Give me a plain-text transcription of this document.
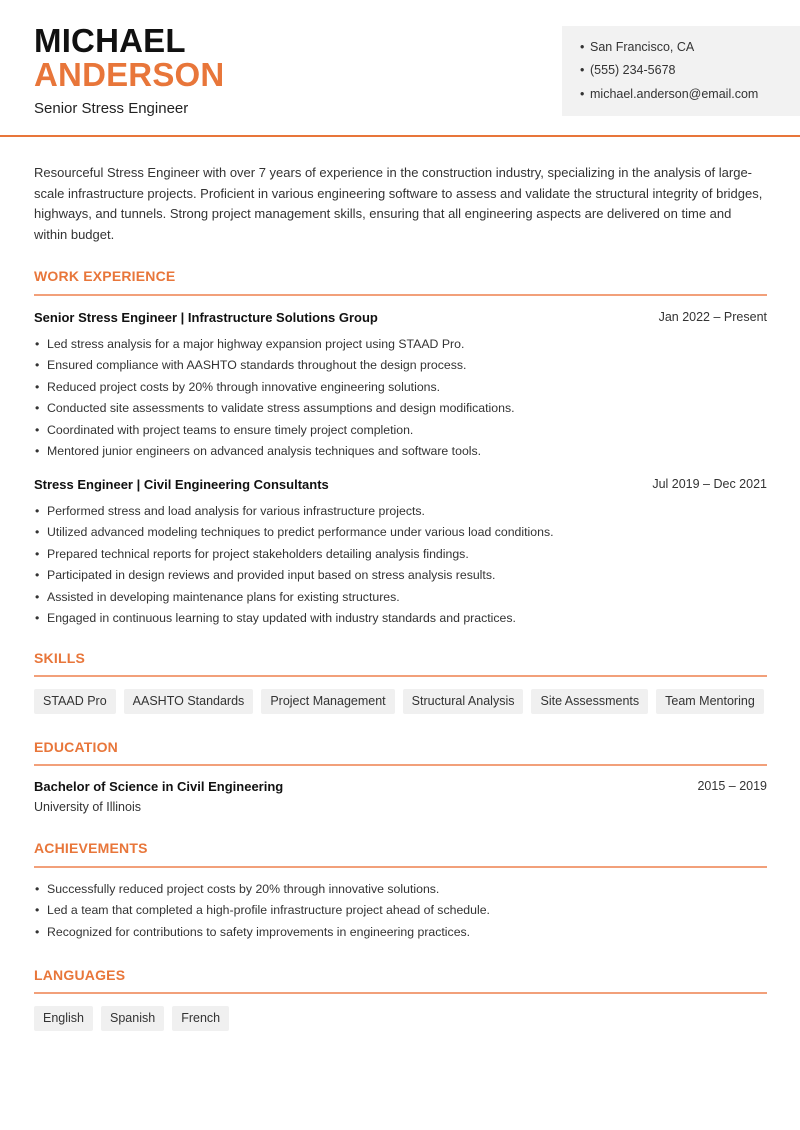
MICHAEL
ANDERSON
Senior Stress Engineer
• San Francisco, CA
• (555) 234-5678
• michael.anderson@email.com

Resourceful Stress Engineer with over 7 years of experience in the construction industry, specializing in the analysis of large-scale infrastructure projects. Proficient in various engineering software to assess and validate the structural integrity of bridges, highways, and tunnels. Strong project management skills, ensuring that all engineering aspects are delivered on time and within budget.

WORK EXPERIENCE
Senior Stress Engineer | Infrastructure Solutions Group	Jan 2022 – Present
• Led stress analysis for a major highway expansion project using STAAD Pro.
• Ensured compliance with AASHTO standards throughout the design process.
• Reduced project costs by 20% through innovative engineering solutions.
• Conducted site assessments to validate stress assumptions and design modifications.
• Coordinated with project teams to ensure timely project completion.
• Mentored junior engineers on advanced analysis techniques and software tools.
Stress Engineer | Civil Engineering Consultants	Jul 2019 – Dec 2021
• Performed stress and load analysis for various infrastructure projects.
• Utilized advanced modeling techniques to predict performance under various load conditions.
• Prepared technical reports for project stakeholders detailing analysis findings.
• Participated in design reviews and provided input based on stress analysis results.
• Assisted in developing maintenance plans for existing structures.
• Engaged in continuous learning to stay updated with industry standards and practices.
SKILLS
STAAD Pro	AASHTO Standards	Project Management	Structural Analysis	Site Assessments	Team Mentoring
EDUCATION
Bachelor of Science in Civil Engineering	2015 – 2019
University of Illinois
ACHIEVEMENTS
• Successfully reduced project costs by 20% through innovative solutions.
• Led a team that completed a high-profile infrastructure project ahead of schedule.
• Recognized for contributions to safety improvements in engineering practices.
LANGUAGES
English	Spanish	French
